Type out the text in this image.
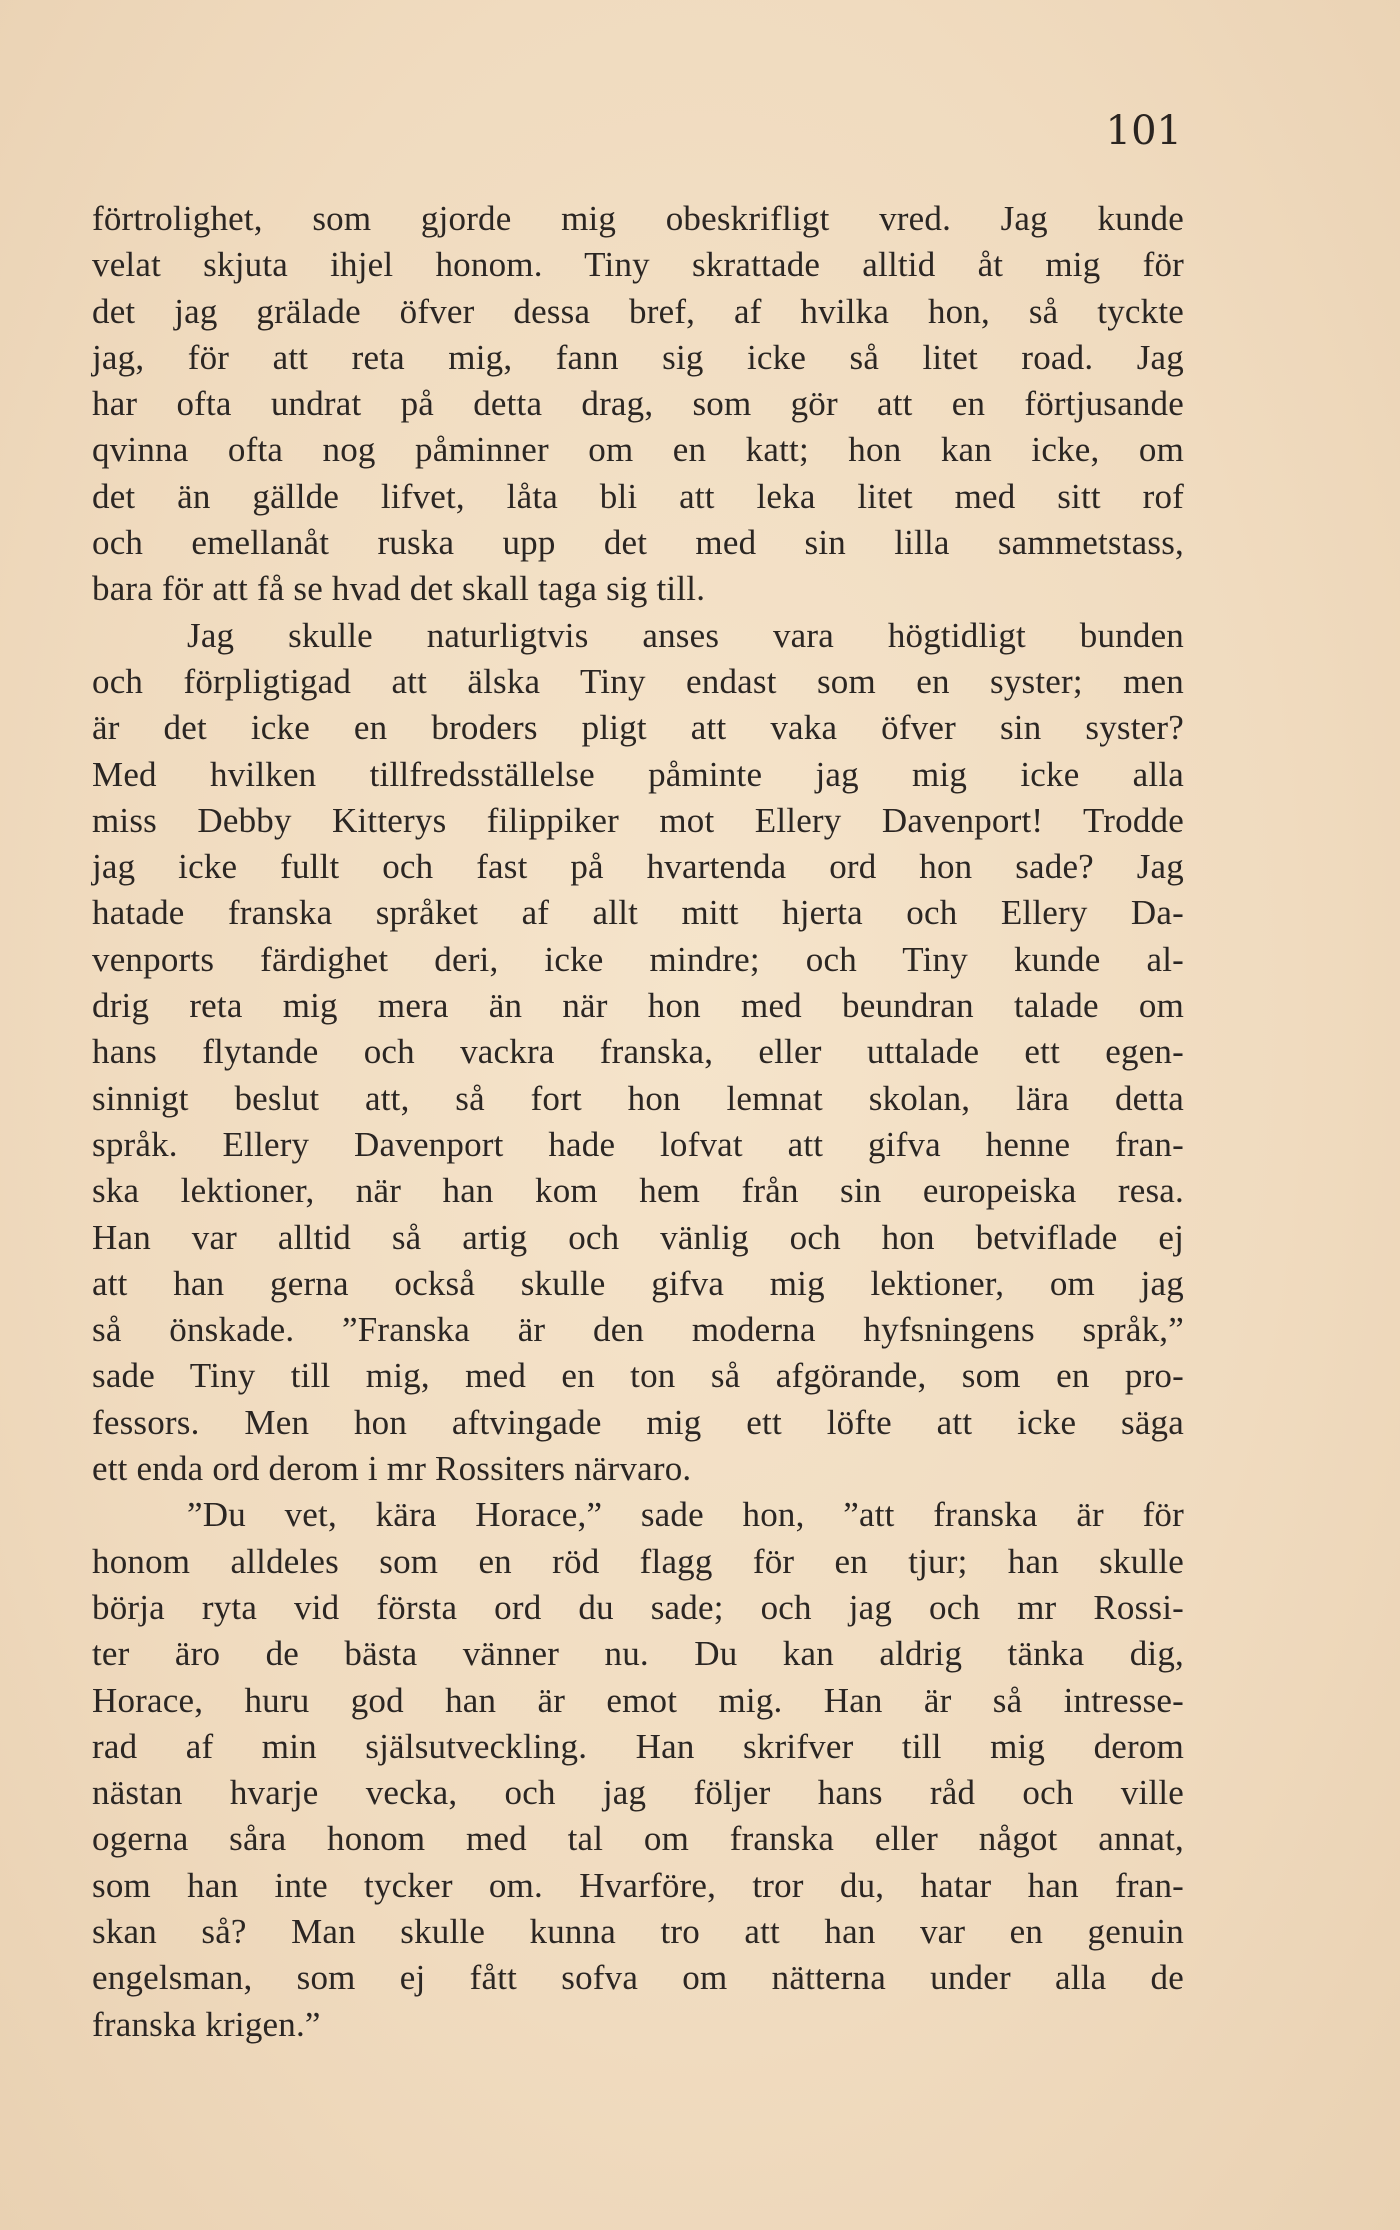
101
förtrolighet, som gjorde mig obeskrifligt vred. Jag kunde
velat skjuta ihjel honom. Tiny skrattade alltid åt mig för
det jag grälade öfver dessa bref, af hvilka hon, så tyckte
jag, för att reta mig, fann sig icke så litet road. Jag
har ofta undrat på detta drag, som gör att en förtjusande
qvinna ofta nog påminner om en katt; hon kan icke, om
det än gällde lifvet, låta bli att leka litet med sitt rof
och emellanåt ruska upp det med sin lilla sammetstass,
bara för att få se hvad det skall taga sig till.
Jag skulle naturligtvis anses vara högtidligt bunden
och förpligtigad att älska Tiny endast som en syster; men
är det icke en broders pligt att vaka öfver sin syster?
Med hvilken tillfredsställelse påminte jag mig icke alla
miss Debby Kitterys filippiker mot Ellery Davenport! Trodde
jag icke fullt och fast på hvartenda ord hon sade? Jag
hatade franska språket af allt mitt hjerta och Ellery Da-
venports färdighet deri, icke mindre; och Tiny kunde al-
drig reta mig mera än när hon med beundran talade om
hans flytande och vackra franska, eller uttalade ett egen-
sinnigt beslut att, så fort hon lemnat skolan, lära detta
språk. Ellery Davenport hade lofvat att gifva henne fran-
ska lektioner, när han kom hem från sin europeiska resa.
Han var alltid så artig och vänlig och hon betviflade ej
att han gerna också skulle gifva mig lektioner, om jag
så önskade. ”Franska är den moderna hyfsningens språk,”
sade Tiny till mig, med en ton så afgörande, som en pro-
fessors. Men hon aftvingade mig ett löfte att icke säga
ett enda ord derom i mr Rossiters närvaro.
”Du vet, kära Horace,” sade hon, ”att franska är för
honom alldeles som en röd flagg för en tjur; han skulle
börja ryta vid första ord du sade; och jag och mr Rossi-
ter äro de bästa vänner nu. Du kan aldrig tänka dig,
Horace, huru god han är emot mig. Han är så intresse-
rad af min själsutveckling. Han skrifver till mig derom
nästan hvarje vecka, och jag följer hans råd och ville
ogerna såra honom med tal om franska eller något annat,
som han inte tycker om. Hvarföre, tror du, hatar han fran-
skan så? Man skulle kunna tro att han var en genuin
engelsman, som ej fått sofva om nätterna under alla de
franska krigen.”
